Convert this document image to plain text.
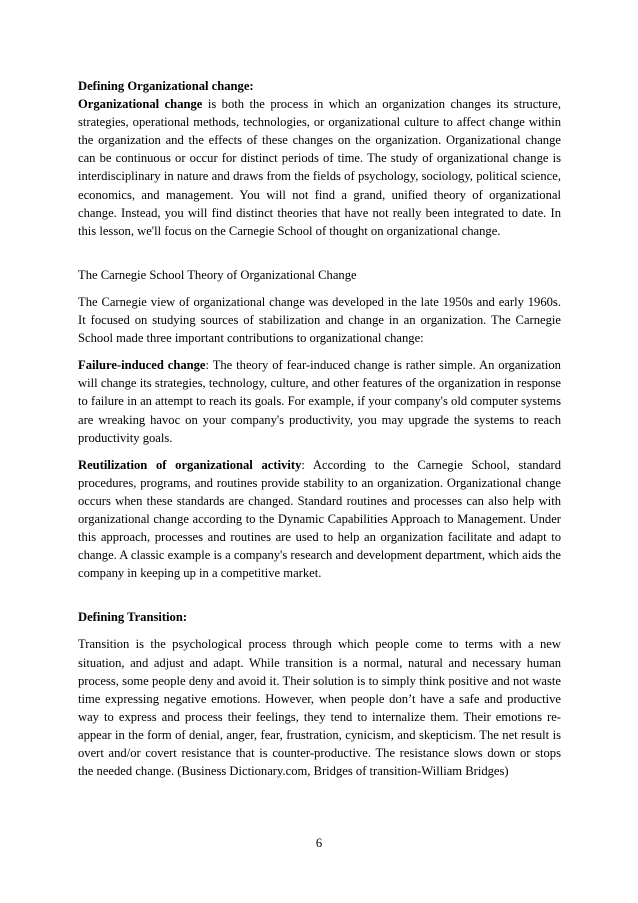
Defining Organizational change:

Organizational change is both the process in which an organization changes its structure, strategies, operational methods, technologies, or organizational culture to affect change within the organization and the effects of these changes on the organization. Organizational change can be continuous or occur for distinct periods of time. The study of organizational change is interdisciplinary in nature and draws from the fields of psychology, sociology, political science, economics, and management. You will not find a grand, unified theory of organizational change. Instead, you will find distinct theories that have not really been integrated to date. In this lesson, we'll focus on the Carnegie School of thought on organizational change.

The Carnegie School Theory of Organizational Change

The Carnegie view of organizational change was developed in the late 1950s and early 1960s. It focused on studying sources of stabilization and change in an organization. The Carnegie School made three important contributions to organizational change:

Failure-induced change: The theory of fear-induced change is rather simple. An organization will change its strategies, technology, culture, and other features of the organization in response to failure in an attempt to reach its goals. For example, if your company's old computer systems are wreaking havoc on your company's productivity, you may upgrade the systems to reach productivity goals.

Reutilization of organizational activity: According to the Carnegie School, standard procedures, programs, and routines provide stability to an organization. Organizational change occurs when these standards are changed. Standard routines and processes can also help with organizational change according to the Dynamic Capabilities Approach to Management. Under this approach, processes and routines are used to help an organization facilitate and adapt to change. A classic example is a company's research and development department, which aids the company in keeping up in a competitive market.

Defining Transition:

Transition is the psychological process through which people come to terms with a new situation, and adjust and adapt. While transition is a normal, natural and necessary human process, some people deny and avoid it. Their solution is to simply think positive and not waste time expressing negative emotions. However, when people don’t have a safe and productive way to express and process their feelings, they tend to internalize them. Their emotions re-appear in the form of denial, anger, fear, frustration, cynicism, and skepticism. The net result is overt and/or covert resistance that is counter-productive. The resistance slows down or stops the needed change. (Business Dictionary.com, Bridges of transition-William Bridges)

6
